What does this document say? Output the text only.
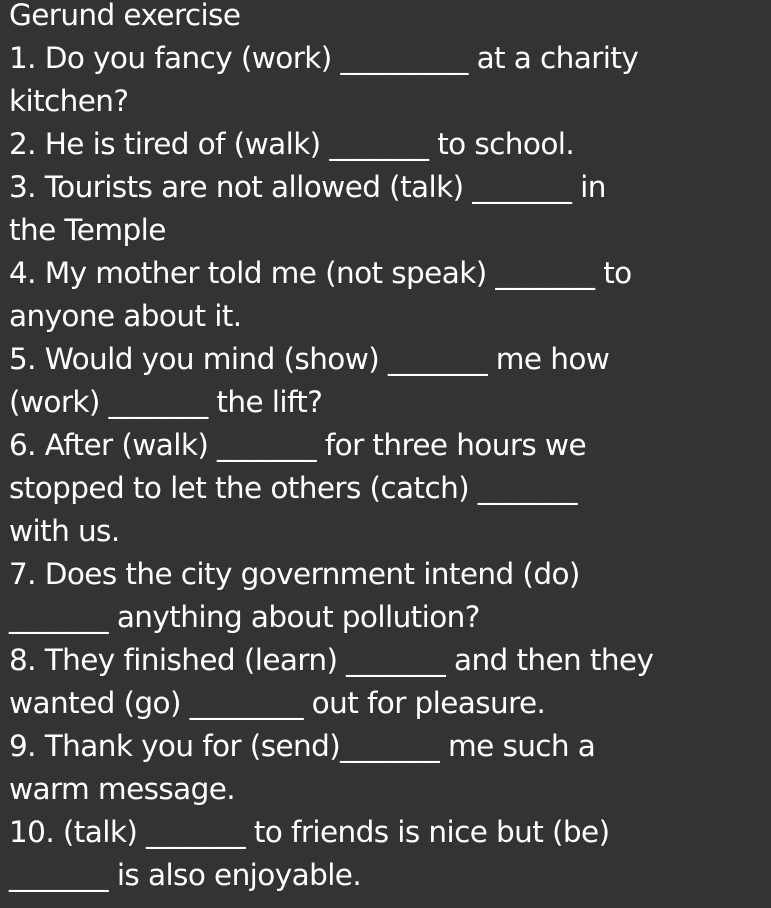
Gerund exercise
1. Do you fancy (work) _________ at a charity
kitchen?
2. He is tired of (walk) _______ to school.
3. Tourists are not allowed (talk) _______ in
the Temple
4. My mother told me (not speak) _______ to
anyone about it.
5. Would you mind (show) _______ me how
(work) _______ the lift?
6. After (walk) _______ for three hours we
stopped to let the others (catch) _______
with us.
7. Does the city government intend (do)
_______ anything about pollution?
8. They finished (learn) _______ and then they
wanted (go) ________ out for pleasure.
9. Thank you for (send)_______ me such a
warm message.
10. (talk) _______ to friends is nice but (be)
_______ is also enjoyable.
